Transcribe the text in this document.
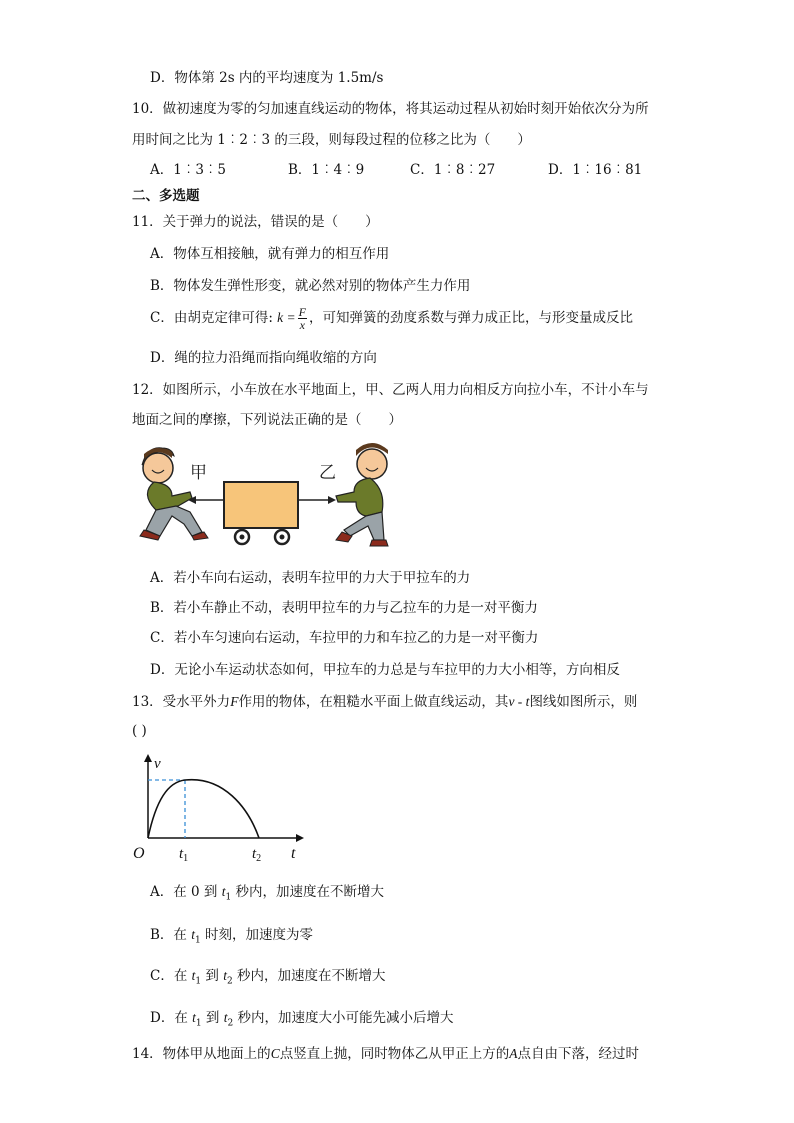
D．物体第 2s 内的平均速度为 1.5m/s
10．做初速度为零的匀加速直线运动的物体，将其运动过程从初始时刻开始依次分为所
用时间之比为 1︰2︰3 的三段，则每段过程的位移之比为（　　）
A．1︰3︰5	B．1︰4︰9	C．1︰8︰27	D．1︰16︰81
二、多选题
11．关于弹力的说法，错误的是（　　）
A．物体互相接触，就有弹力的相互作用
B．物体发生弹性形变，就必然对别的物体产生力作用
C．由胡克定律可得: $k = \frac{F}{x}$ ，可知弹簧的劲度系数与弹力成正比，与形变量成反比
D．绳的拉力沿绳而指向绳收缩的方向
12．如图所示，小车放在水平地面上，甲、乙两人用力向相反方向拉小车，不计小车与
地面之间的摩擦，下列说法正确的是（　　）
甲	乙
A．若小车向右运动，表明车拉甲的力大于甲拉车的力
B．若小车静止不动，表明甲拉车的力与乙拉车的力是一对平衡力
C．若小车匀速向右运动，车拉甲的力和车拉乙的力是一对平衡力
D．无论小车运动状态如何，甲拉车的力总是与车拉甲的力大小相等，方向相反
13．受水平外力F作用的物体，在粗糙水平面上做直线运动，其v - t图线如图所示，则
( )
v
t
O $t_1$	$t_2$
A．在 0 到 $t_1$ 秒内，加速度在不断增大
B．在 $t_1$ 时刻，加速度为零
C．在 $t_1$ 到 $t_2$ 秒内，加速度在不断增大
D．在 $t_1$ 到 $t_2$ 秒内，加速度大小可能先减小后增大
14．物体甲从地面上的C点竖直上抛，同时物体乙从甲正上方的A点自由下落，经过时
